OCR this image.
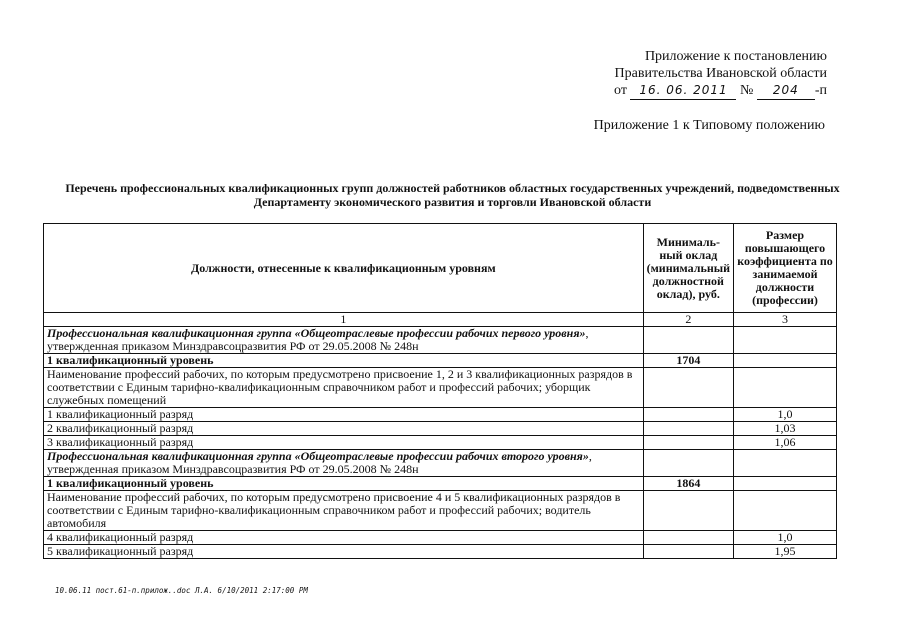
Приложение к постановлению
Правительства Ивановской области
от 16. 06. 2011 № 204 -п
Приложение 1 к Типовому положению
Перечень профессиональных квалификационных групп должностей работников областных государственных учреждений, подведомственных Департаменту экономического развития и торговли Ивановской области
Должности, отнесенные к квалификационным уровням	Минималь-ный оклад (минимальный должностной оклад), руб.	Размер повышающего коэффициента по занимаемой должности (профессии)
1	2	3
Профессиональная квалификационная группа «Общеотраслевые профессии рабочих первого уровня», утвержденная приказом Минздравсоцразвития РФ от 29.05.2008 № 248н		
1 квалификационный уровень	1704	
Наименование профессий рабочих, по которым предусмотрено присвоение 1, 2 и 3 квалификационных разрядов в соответствии с Единым тарифно-квалификационным справочником работ и профессий рабочих; уборщик служебных помещений		
1 квалификационный разряд		1,0
2 квалификационный разряд		1,03
3 квалификационный разряд		1,06
Профессиональная квалификационная группа «Общеотраслевые профессии рабочих второго уровня», утвержденная приказом Минздравсоцразвития РФ от 29.05.2008 № 248н		
1 квалификационный уровень	1864	
Наименование профессий рабочих, по которым предусмотрено присвоение 4 и 5 квалификационных разрядов в соответствии с Единым тарифно-квалификационным справочником работ и профессий рабочих; водитель автомобиля		
4 квалификационный разряд		1,0
5 квалификационный разряд		1,95
10.06.11 пост.61-п.прилож..doc Л.А. 6/10/2011 2:17:00 PM
